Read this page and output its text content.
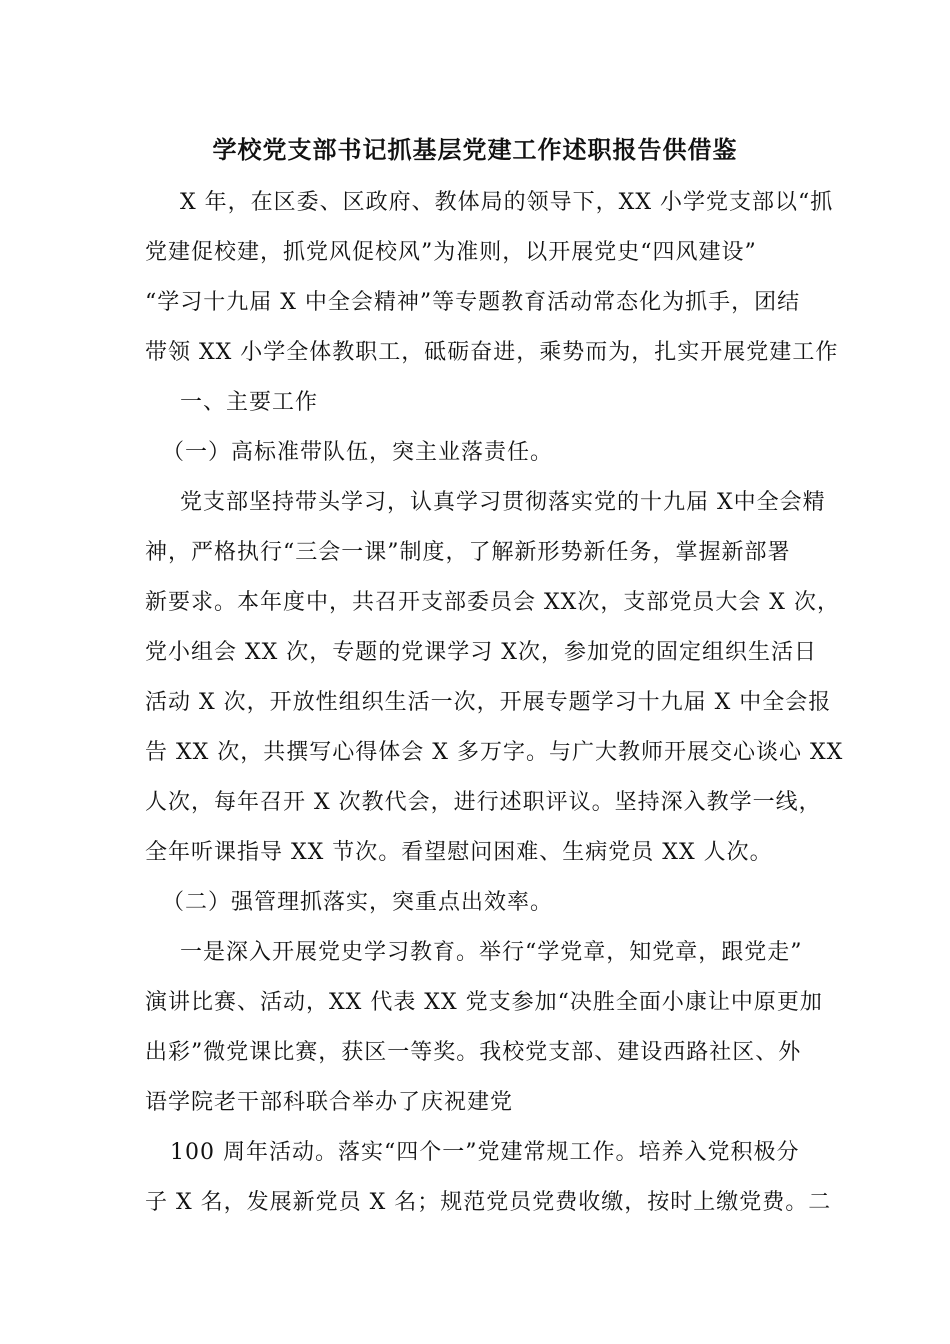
学校党支部书记抓基层党建工作述职报告供借鉴
X 年，在区委、区政府、教体局的领导下，XX 小学党支部以“抓
党建促校建，抓党风促校风”为准则，以开展党史“四风建设”
“学习十九届 X 中全会精神”等专题教育活动常态化为抓手，团结
带领 XX 小学全体教职工，砥砺奋进，乘势而为，扎实开展党建工作
一、主要工作
（一）高标准带队伍，突主业落责任。
党支部坚持带头学习，认真学习贯彻落实党的十九届 X中全会精
神，严格执行“三会一课”制度，了解新形势新任务，掌握新部署
新要求。本年度中，共召开支部委员会 XX次，支部党员大会 X 次，
党小组会 XX 次，专题的党课学习 X次，参加党的固定组织生活日
活动 X 次，开放性组织生活一次，开展专题学习十九届 X 中全会报
告 XX 次，共撰写心得体会 X 多万字。与广大教师开展交心谈心 XX
人次，每年召开 X 次教代会，进行述职评议。坚持深入教学一线，
全年听课指导 XX 节次。看望慰问困难、生病党员 XX 人次。
（二）强管理抓落实，突重点出效率。
一是深入开展党史学习教育。举行“学党章，知党章，跟党走”
演讲比赛、活动，XX 代表 XX 党支参加“决胜全面小康让中原更加
出彩”微党课比赛，获区一等奖。我校党支部、建设西路社区、外
语学院老干部科联合举办了庆祝建党
100 周年活动。落实“四个一”党建常规工作。培养入党积极分
子 X 名，发展新党员 X 名；规范党员党费收缴，按时上缴党费。二
